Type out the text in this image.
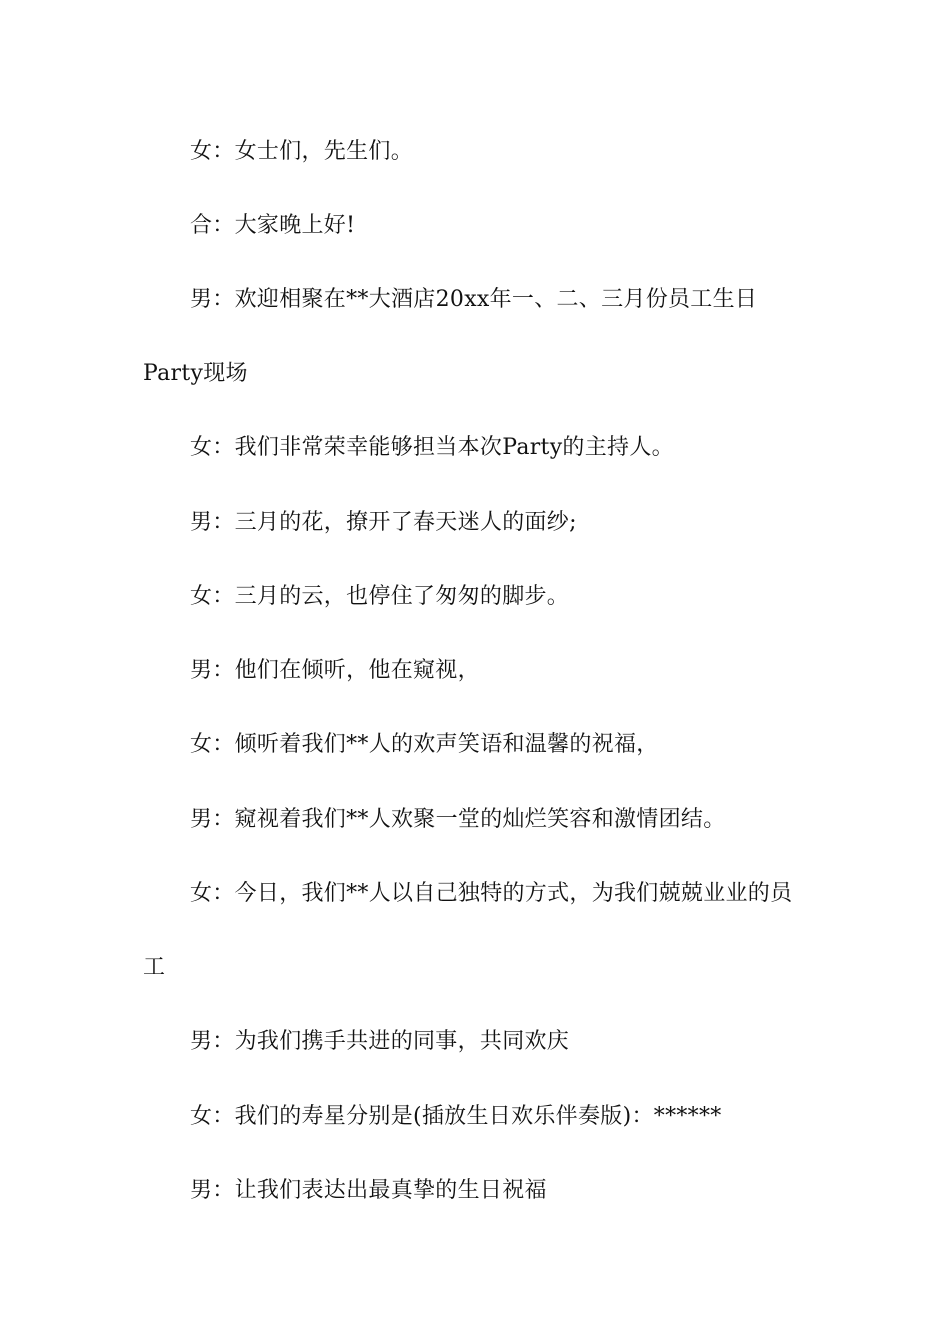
女：女士们，先生们。
合：大家晚上好!
男：欢迎相聚在**大酒店20xx年一、二、三月份员工生日
Party现场
女：我们非常荣幸能够担当本次Party的主持人。
男：三月的花，撩开了春天迷人的面纱;
女：三月的云，也停住了匆匆的脚步。
男：他们在倾听，他在窥视，
女：倾听着我们**人的欢声笑语和温馨的祝福，
男：窥视着我们**人欢聚一堂的灿烂笑容和激情团结。
女：今日，我们**人以自己独特的方式，为我们兢兢业业的员
工
男：为我们携手共进的同事，共同欢庆
女：我们的寿星分别是(插放生日欢乐伴奏版)：******
男：让我们表达出最真挚的生日祝福
